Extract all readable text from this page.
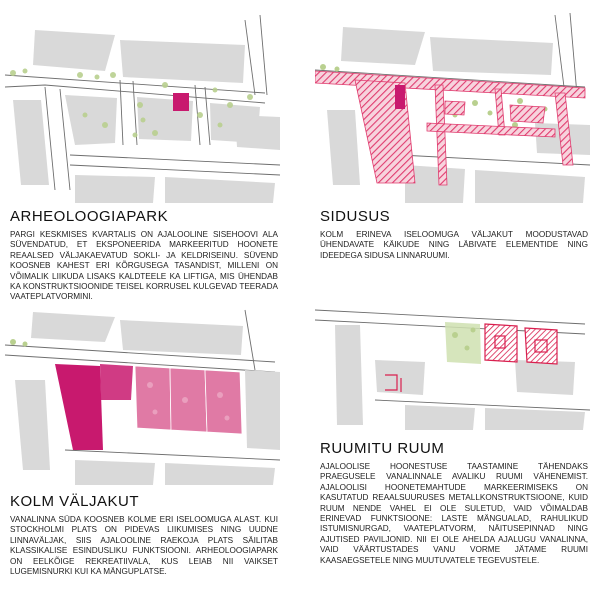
ARHEOLOOGIAPARK
PARGI KESKMISES KVARTALIS ON AJALOOLINE SISEHOOVI ALA SÜVENDATUD, ET EKSPONEERIDA MARKEERITUD HOONETE REAALSED VÄLJAKAEVATUD SOKLI- JA KELDRISEINU. SÜVEND KOOSNEB KAHEST ERI KÕRGUSEGA TASANDIST, MILLENI ON VÕIMALIK LIIKUDA LISAKS KALDTEELE KA LIFTIGA, MIS ÜHENDAB KA KONSTRUKTSIOONIDE TEISEL KORRUSEL KULGEVAD TEERADA VAATEPLATVORMINI.
SIDUSUS
KOLM ERINEVA ISELOOMUGA VÄLJAKUT MOODUSTAVAD ÜHENDAVATE KÄIKUDE NING LÄBIVATE ELEMENTIDE NING IDEEDEGA SIDUSA LINNARUUMI.
KOLM VÄLJAKUT
VANALINNA SÜDA KOOSNEB KOLME ERI ISELOOMUGA ALAST. KUI STOCKHOLMI PLATS ON PIDEVAS LIIKUMISES NING UUDNE LINNAVÄLJAK, SIIS AJALOOLINE RAEKOJA PLATS SÄILITAB KLASSIKALISE ESINDUSLIKU FUNKTSIOONI. ARHEOLOOGIAPARK ON EELKÕIGE REKREATIIVALA, KUS LEIAB NII VAIKSET LUGEMISNURKI KUI KA MÄNGUPLATSE.
RUUMITU RUUM
AJALOOLISE HOONESTUSE TAASTAMINE TÄHENDAKS PRAEGUSELE VANALINNALE AVALIKU RUUMI VÄHENEMIST. AJALOOLISI HOONETEMAHTUDE MARKEERIMISEKS ON KASUTATUD REAALSUURUSES METALLKONSTRUKTSIOONE, KUID RUUM NENDE VAHEL EI OLE SULETUD, VAID VÕIMALDAB ERINEVAD FUNKTSIOONE: LASTE MÄNGUALAD, RAHULIKUD ISTUMISNURGAD, VAATEPLATVORM, NÄITUSEPINNAD NING AJUTISED PAVILJONID. NII EI OLE AHELDA AJALUGU VANALINNA, VAID VÄÄRTUSTADES VANU VORME JÄTAME RUUMI KAASAEGSETELE NING MUUTUVATELE TEGEVUSTELE.
